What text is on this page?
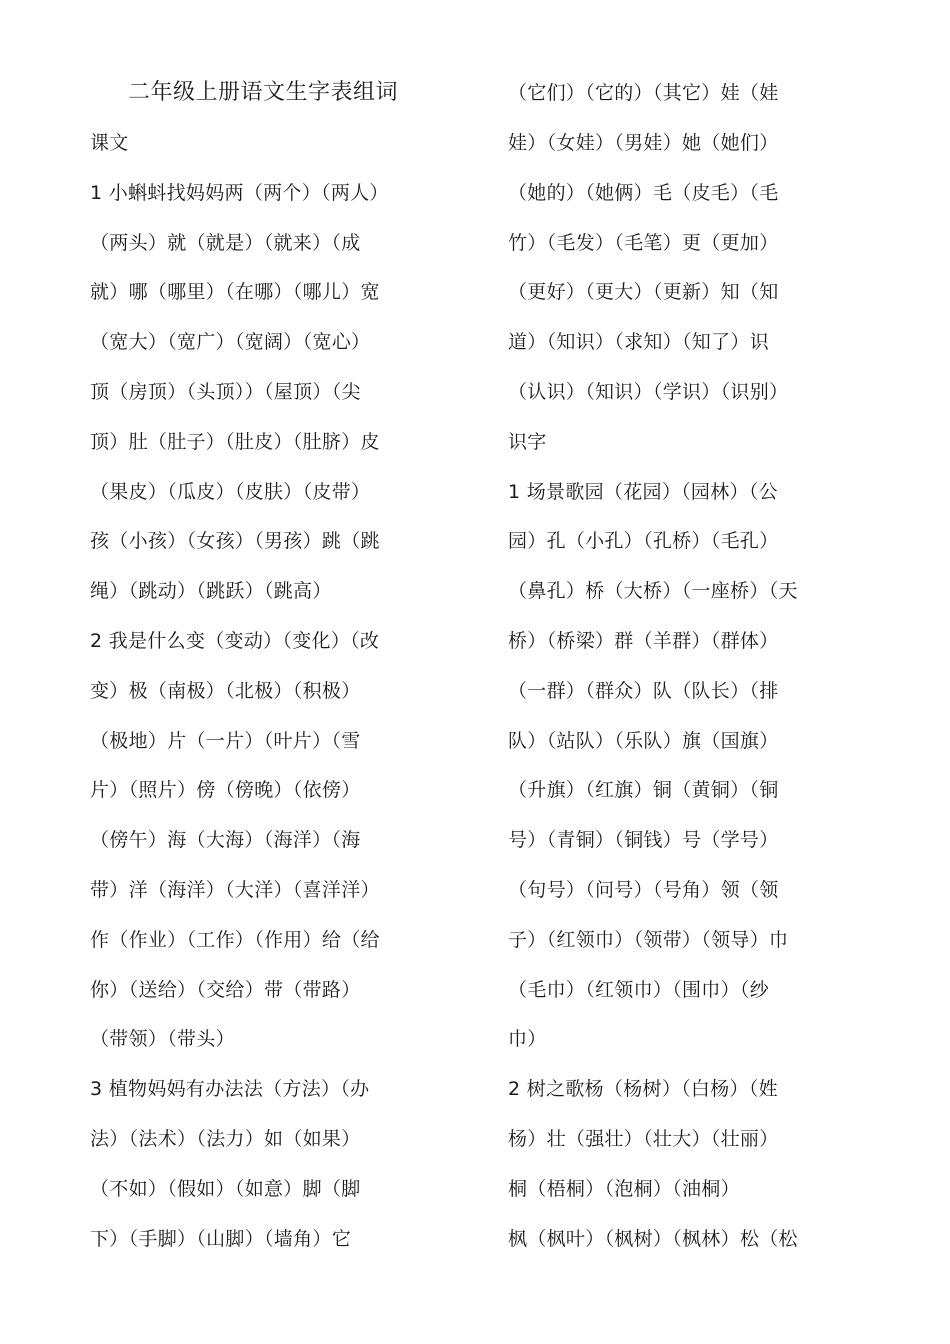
二年级上册语文生字表组词
课文
1 小蝌蚪找妈妈两（两个）（两人）
（两头）就（就是）（就来）（成
就）哪（哪里）（在哪）（哪儿）宽
（宽大）（宽广）（宽阔）（宽心）
顶（房顶）（头顶））（屋顶）（尖
顶）肚（肚子）（肚皮）（肚脐）皮
（果皮）（瓜皮）（皮肤）（皮带）
孩（小孩）（女孩）（男孩）跳（跳
绳）（跳动）（跳跃）（跳高）
2 我是什么变（变动）（变化）（改
变）极（南极）（北极）（积极）
（极地）片（一片）（叶片）（雪
片）（照片）傍（傍晚）（依傍）
（傍午）海（大海）（海洋）（海
带）洋（海洋）（大洋）（喜洋洋）
作（作业）（工作）（作用）给（给
你）（送给）（交给）带（带路）
（带领）（带头）
3 植物妈妈有办法法（方法）（办
法）（法术）（法力）如（如果）
（不如）（假如）（如意）脚（脚
下）（手脚）（山脚）（墙角）它
（它们）（它的）（其它）娃（娃
娃）（女娃）（男娃）她（她们）
（她的）（她俩）毛（皮毛）（毛
竹）（毛发）（毛笔）更（更加）
（更好）（更大）（更新）知（知
道）（知识）（求知）（知了）识
（认识）（知识）（学识）（识别）
识字
1 场景歌园（花园）（园林）（公
园）孔（小孔）（孔桥）（毛孔）
（鼻孔）桥（大桥）（一座桥）（天
桥）（桥梁）群（羊群）（群体）
（一群）（群众）队（队长）（排
队）（站队）（乐队）旗（国旗）
（升旗）（红旗）铜（黄铜）（铜
号）（青铜）（铜钱）号（学号）
（句号）（问号）（号角）领（领
子）（红领巾）（领带）（领导）巾
（毛巾）（红领巾）（围巾）（纱
巾）
2 树之歌杨（杨树）（白杨）（姓
杨）壮（强壮）（壮大）（壮丽）
桐（梧桐）（泡桐）（油桐）
枫（枫叶）（枫树）（枫林）松（松
